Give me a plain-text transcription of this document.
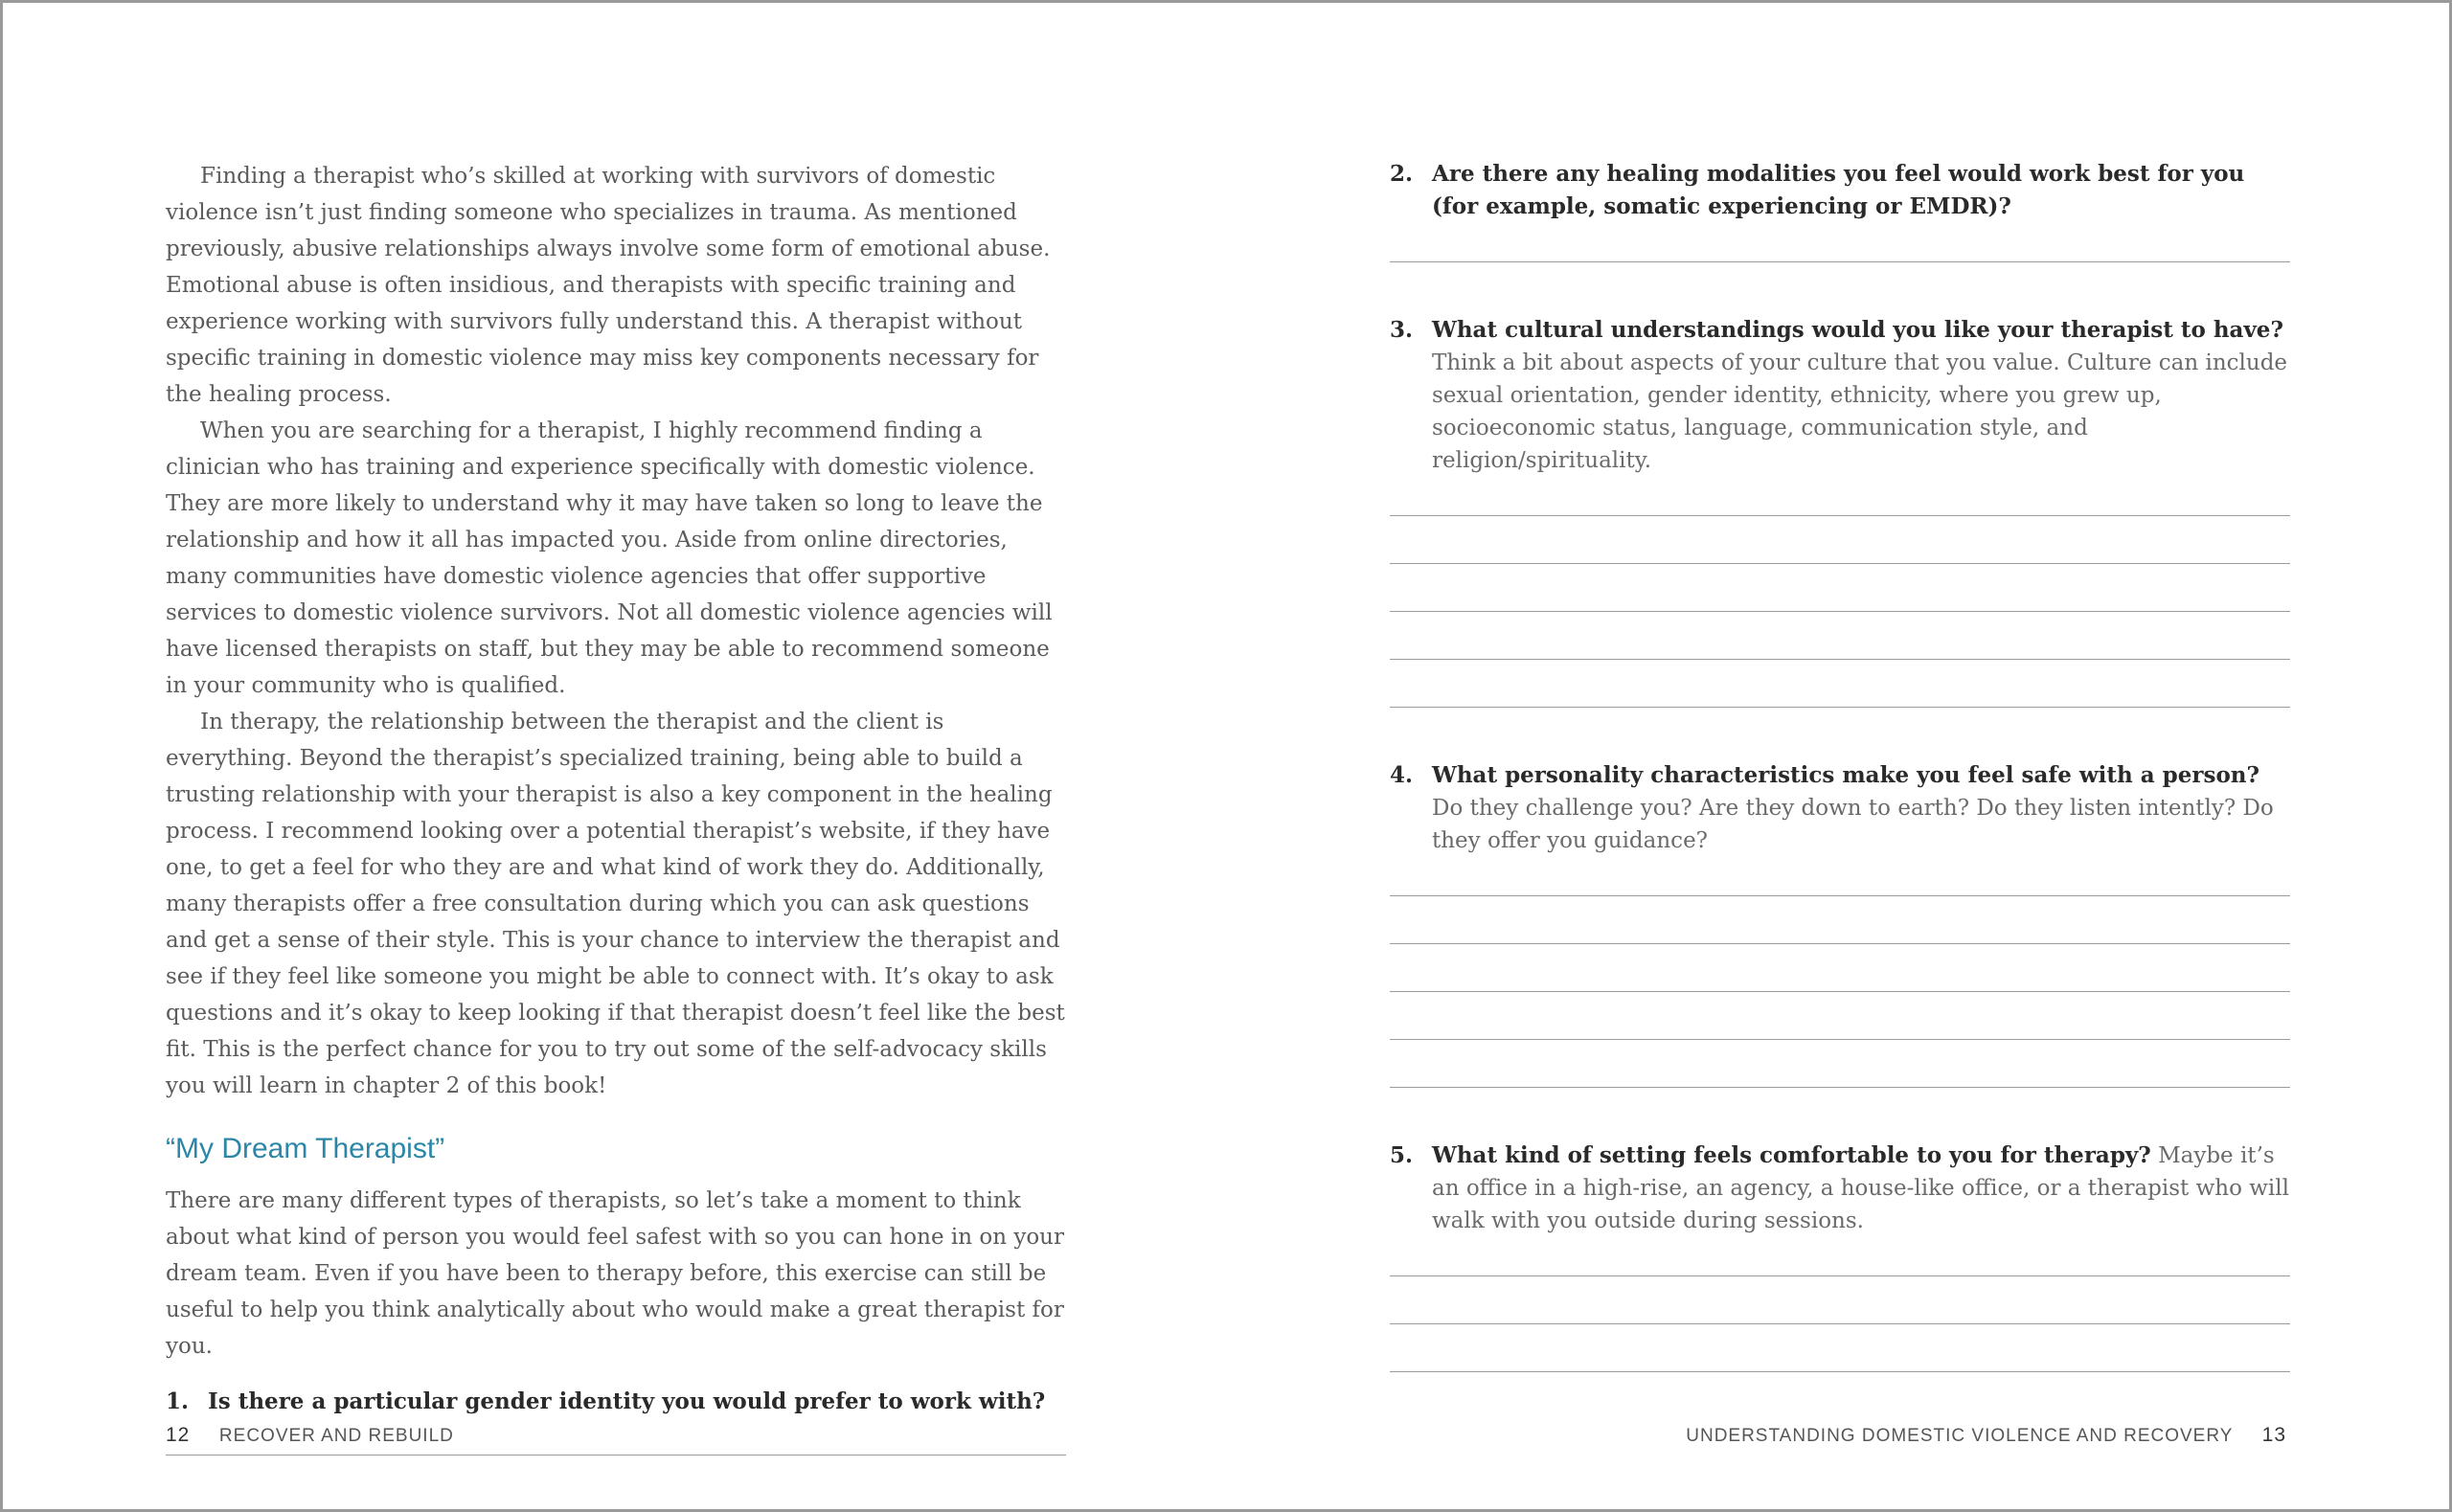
Finding a therapist who’s skilled at working with survivors of domestic violence isn’t just finding someone who specializes in trauma. As mentioned previously, abusive relationships always involve some form of emotional abuse. Emotional abuse is often insidious, and therapists with specific training and experience working with survivors fully understand this. A therapist without specific training in domestic violence may miss key components necessary for the healing process.

When you are searching for a therapist, I highly recommend finding a clinician who has training and experience specifically with domestic violence. They are more likely to understand why it may have taken so long to leave the relationship and how it all has impacted you. Aside from online directories, many communities have domestic violence agencies that offer supportive services to domestic violence survivors. Not all domestic violence agencies will have licensed therapists on staff, but they may be able to recommend someone in your community who is qualified.

In therapy, the relationship between the therapist and the client is everything. Beyond the therapist’s specialized training, being able to build a trusting relationship with your therapist is also a key component in the healing process. I recommend looking over a potential therapist’s website, if they have one, to get a feel for who they are and what kind of work they do. Additionally, many therapists offer a free consultation during which you can ask questions and get a sense of their style. This is your chance to interview the therapist and see if they feel like someone you might be able to connect with. It’s okay to ask questions and it’s okay to keep looking if that therapist doesn’t feel like the best fit. This is the perfect chance for you to try out some of the self-advocacy skills you will learn in chapter 2 of this book!

“My Dream Therapist”

There are many different types of therapists, so let’s take a moment to think about what kind of person you would feel safest with so you can hone in on your dream team. Even if you have been to therapy before, this exercise can still be useful to help you think analytically about who would make a great therapist for you.

1. Is there a particular gender identity you would prefer to work with?
2. Are there any healing modalities you feel would work best for you (for example, somatic experiencing or EMDR)?
3. What cultural understandings would you like your therapist to have? Think a bit about aspects of your culture that you value. Culture can include sexual orientation, gender identity, ethnicity, where you grew up, socioeconomic status, language, communication style, and religion/spirituality.
4. What personality characteristics make you feel safe with a person? Do they challenge you? Are they down to earth? Do they listen intently? Do they offer you guidance?
5. What kind of setting feels comfortable to you for therapy? Maybe it’s an office in a high-rise, an agency, a house-like office, or a therapist who will walk with you outside during sessions.
12 RECOVER AND REBUILD	UNDERSTANDING DOMESTIC VIOLENCE AND RECOVERY 13
